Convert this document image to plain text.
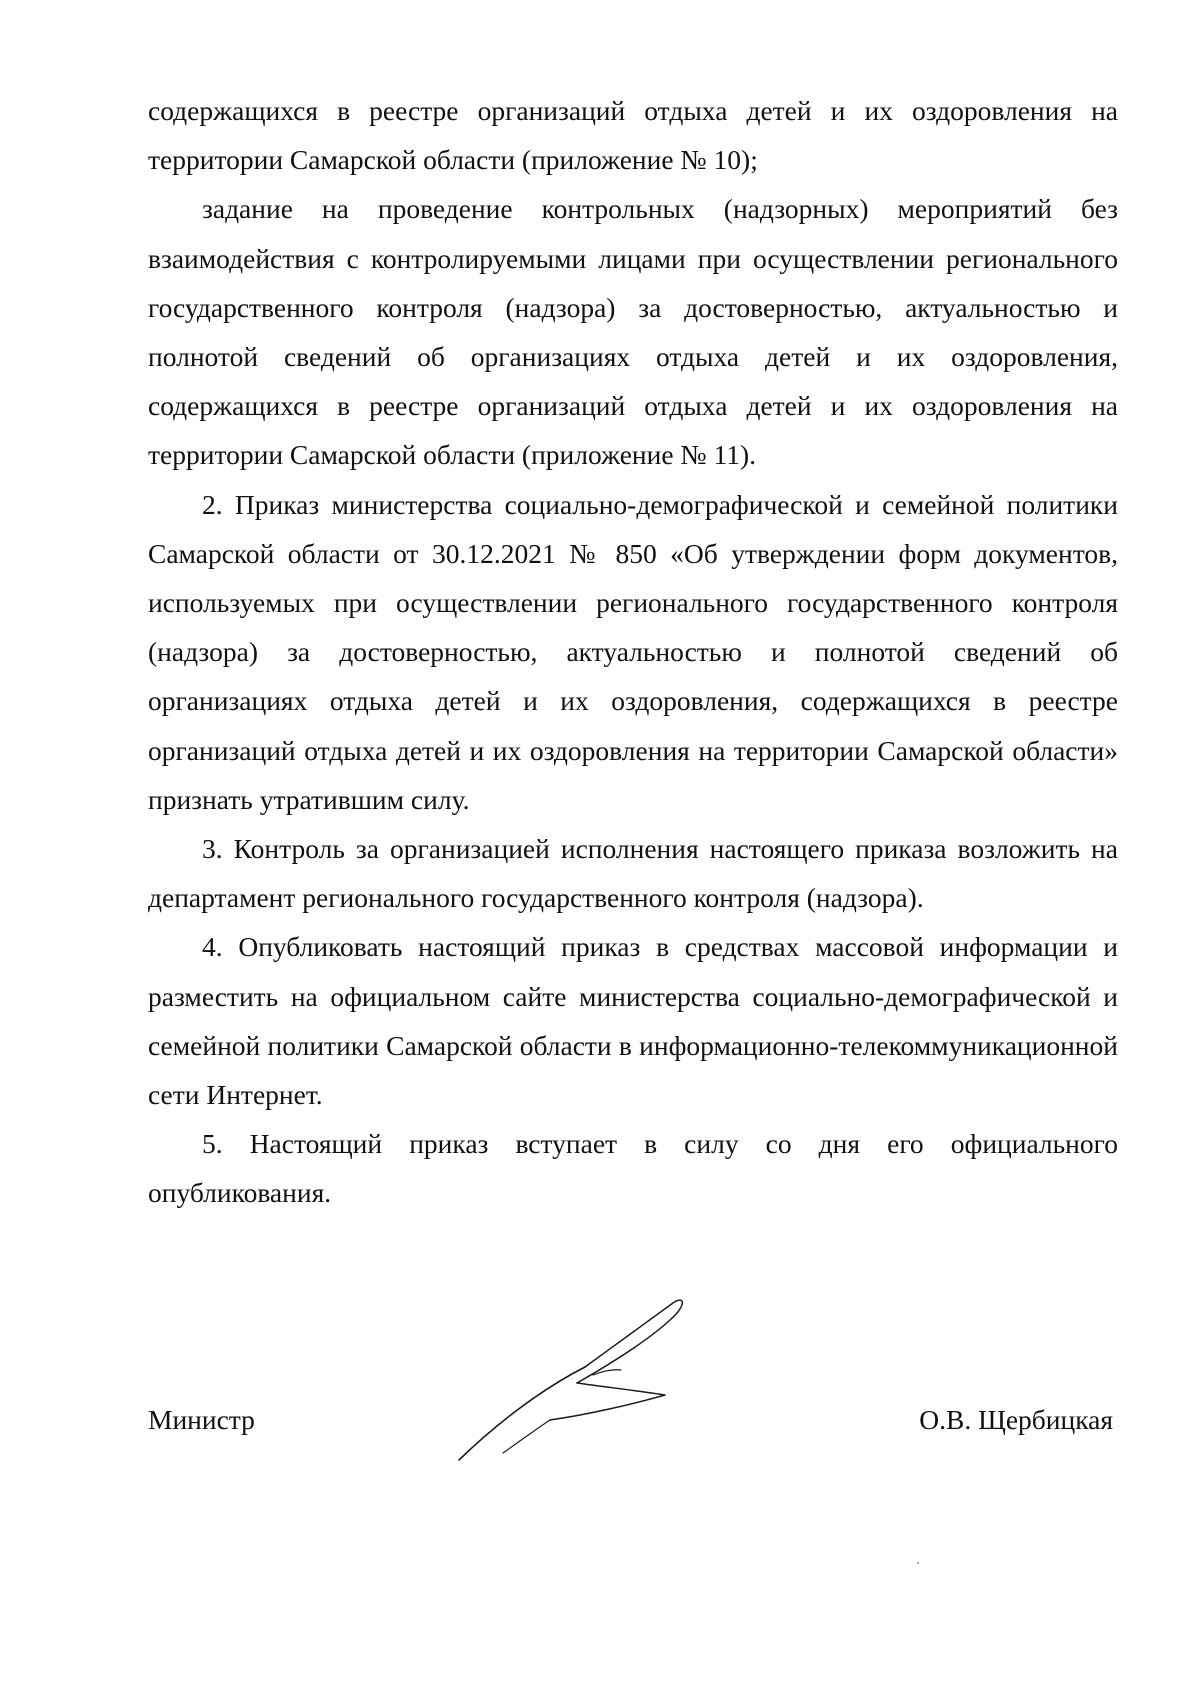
содержащихся в реестре организаций отдыха детей и их оздоровления на территории Самарской области (приложение № 10);

задание на проведение контрольных (надзорных) мероприятий без взаимодействия с контролируемыми лицами при осуществлении регионального государственного контроля (надзора) за достоверностью, актуальностью и полнотой сведений об организациях отдыха детей и их оздоровления, содержащихся в реестре организаций отдыха детей и их оздоровления на территории Самарской области (приложение № 11).

2. Приказ министерства социально-демографической и семейной политики Самарской области от 30.12.2021 № 850 «Об утверждении форм документов, используемых при осуществлении регионального государственного контроля (надзора) за достоверностью, актуальностью и полнотой сведений об организациях отдыха детей и их оздоровления, содержащихся в реестре организаций отдыха детей и их оздоровления на территории Самарской области» признать утратившим силу.

3. Контроль за организацией исполнения настоящего приказа возложить на департамент регионального государственного контроля (надзора).

4. Опубликовать настоящий приказ в средствах массовой информации и разместить на официальном сайте министерства социально-демографической и семейной политики Самарской области в информационно-телекоммуникационной сети Интернет.

5. Настоящий приказ вступает в силу со дня его официального опубликования.

Министр	О.В. Щербицкая
